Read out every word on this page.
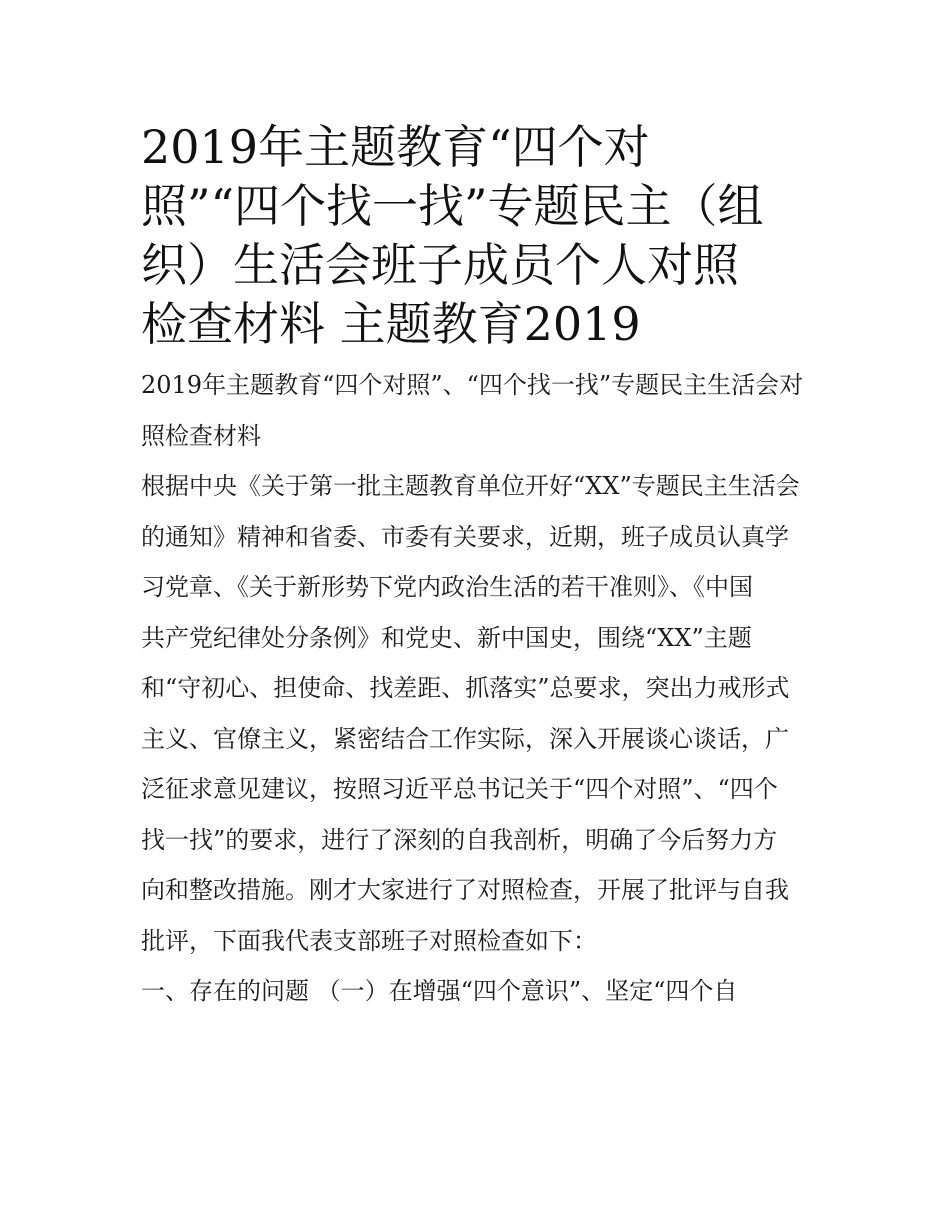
2019年主题教育“四个对
照”“四个找一找”专题民主（组
织）生活会班子成员个人对照
检查材料 主题教育2019
2019年主题教育“四个对照”、“四个找一找”专题民主生活会对
照检查材料
根据中央《关于第一批主题教育单位开好“XX”专题民主生活会
的通知》精神和省委、市委有关要求，近期，班子成员认真学
习党章、《关于新形势下党内政治生活的若干准则》、《中国
共产党纪律处分条例》和党史、新中国史，围绕“XX”主题
和“守初心、担使命、找差距、抓落实”总要求，突出力戒形式
主义、官僚主义，紧密结合工作实际，深入开展谈心谈话，广
泛征求意见建议，按照习近平总书记关于“四个对照”、“四个
找一找”的要求，进行了深刻的自我剖析，明确了今后努力方
向和整改措施。刚才大家进行了对照检查，开展了批评与自我
批评，下面我代表支部班子对照检查如下：
一、存在的问题 （一）在增强“四个意识”、坚定“四个自
